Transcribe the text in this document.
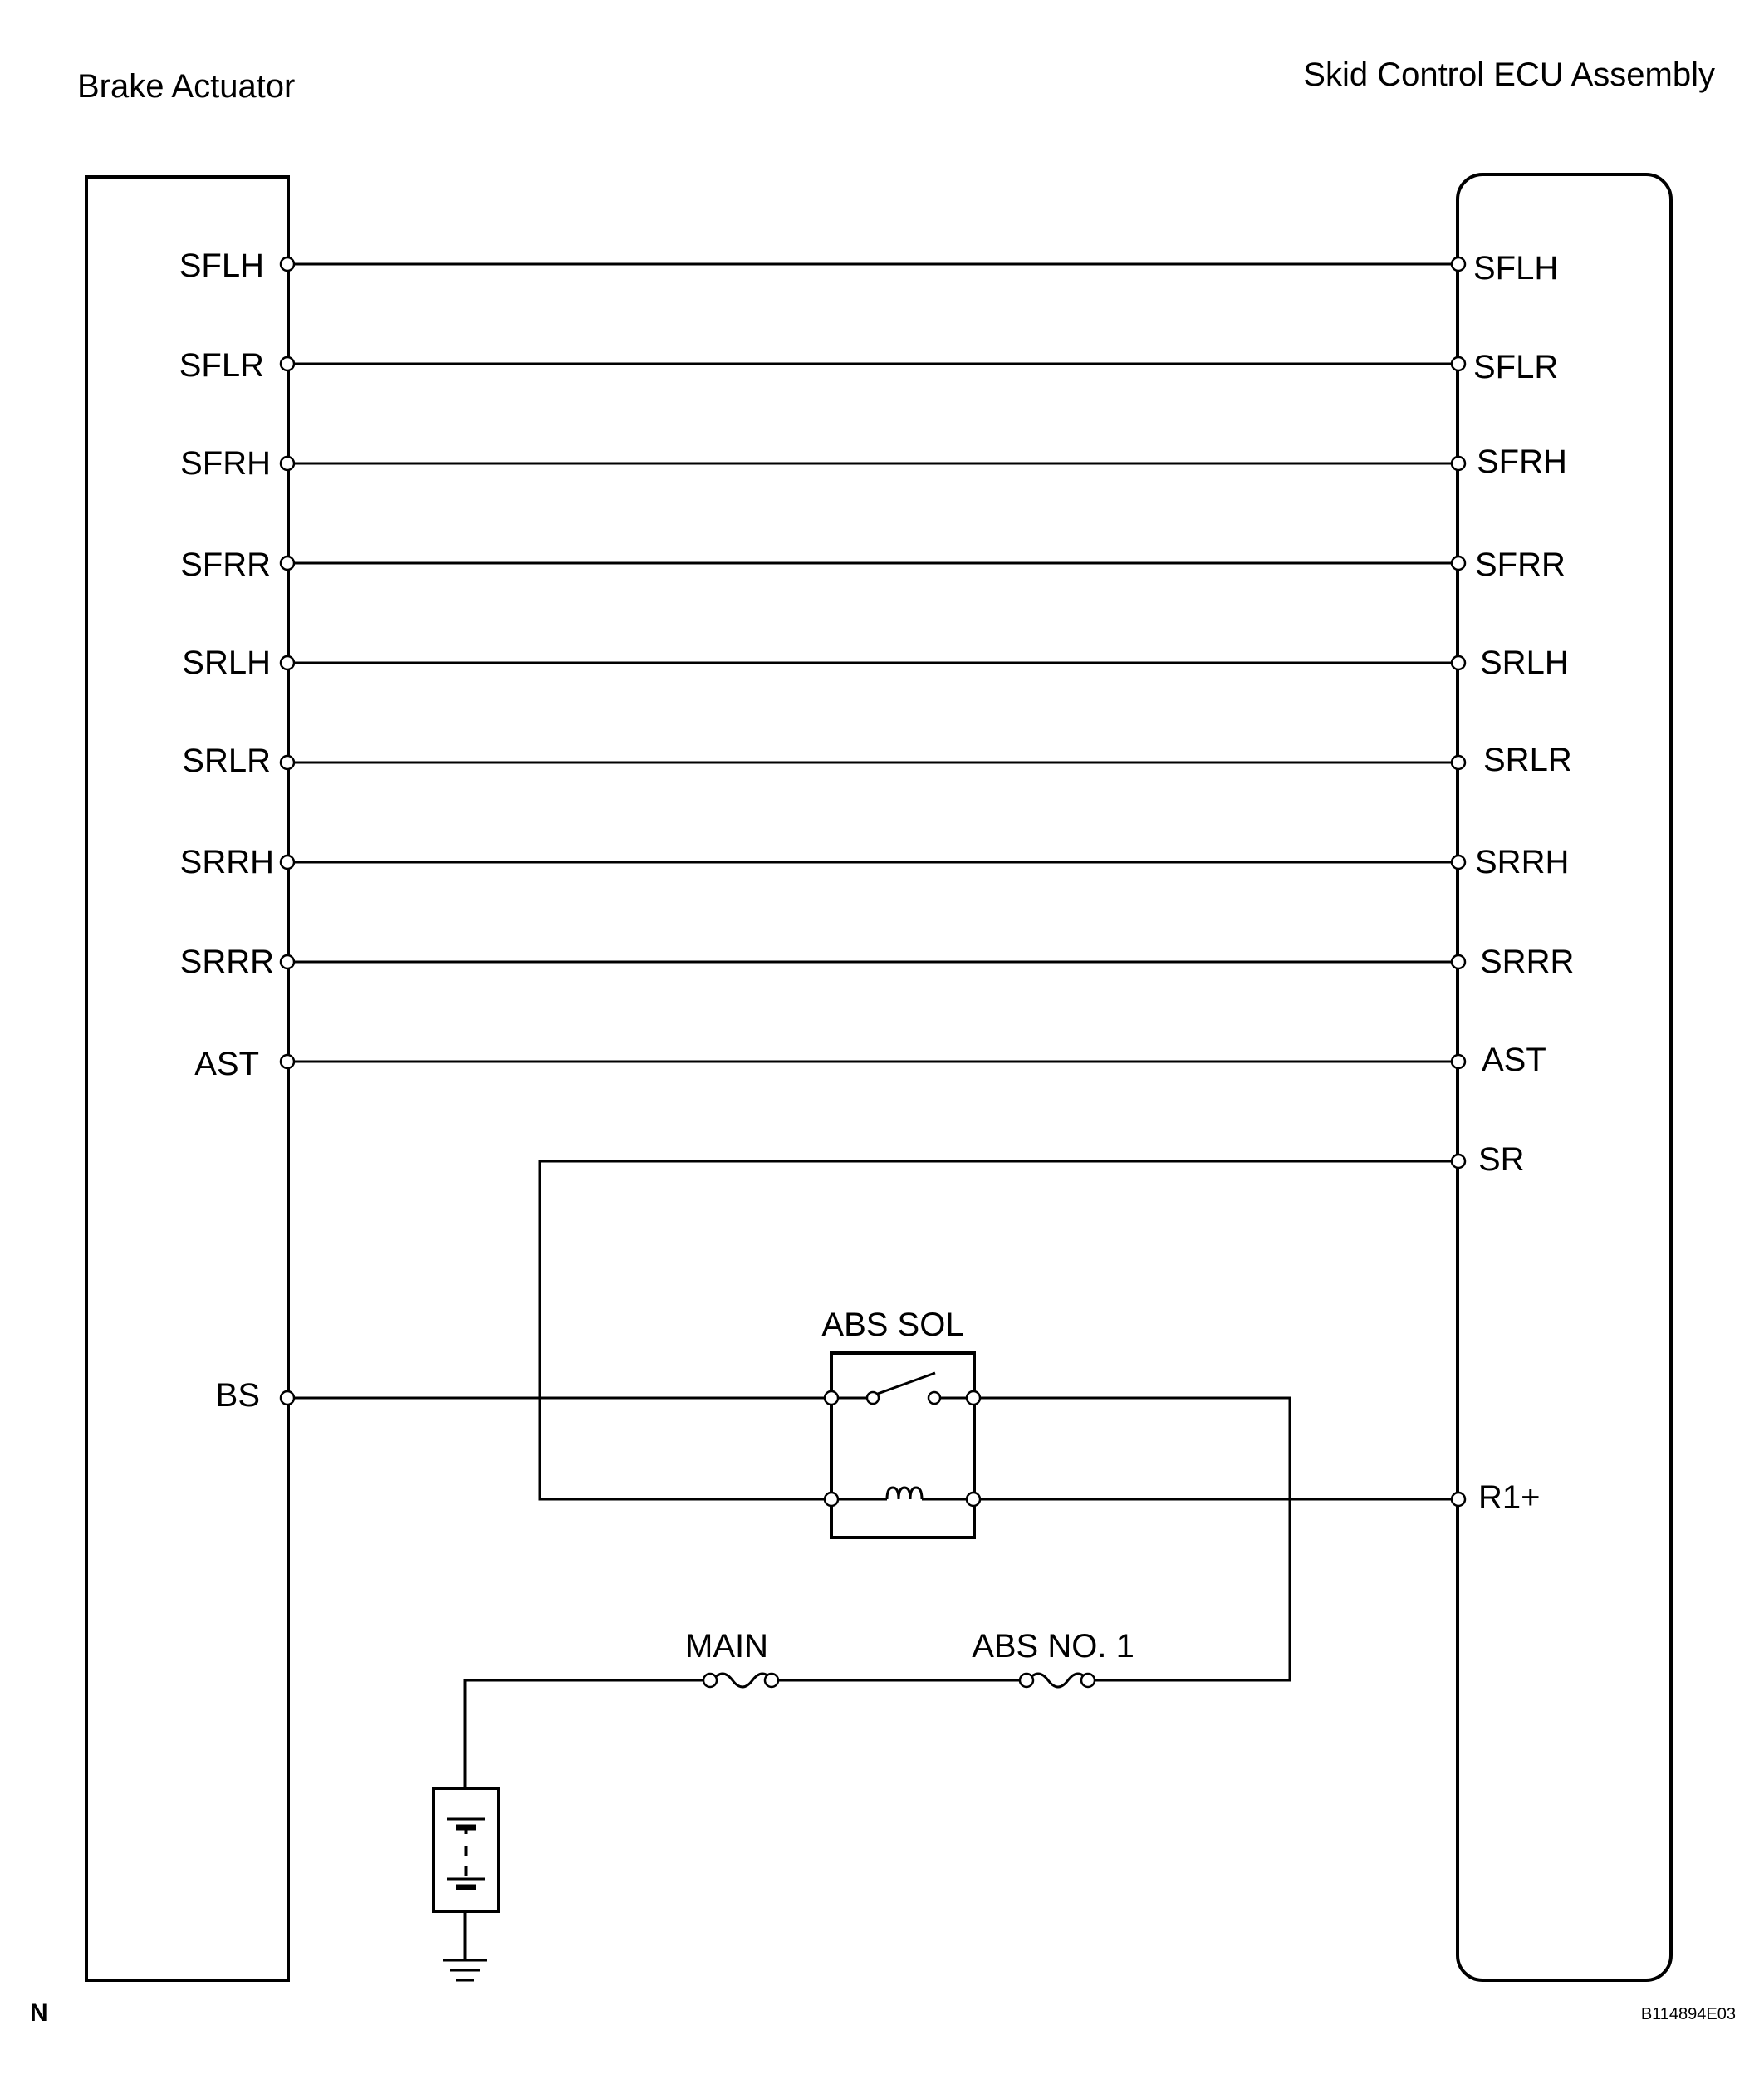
Brake Actuator	Skid Control ECU Assembly
SFLH
SFLR
SFRH
SFRR
SRLH
SRLR
SRRH
SRRR
AST
BS
SFLH
SFLR
SFRH
SFRR
SRLH
SRLR
SRRH
SRRR
AST
SR
R1+
ABS SOL
MAIN	ABS NO. 1
N	B114894E03
